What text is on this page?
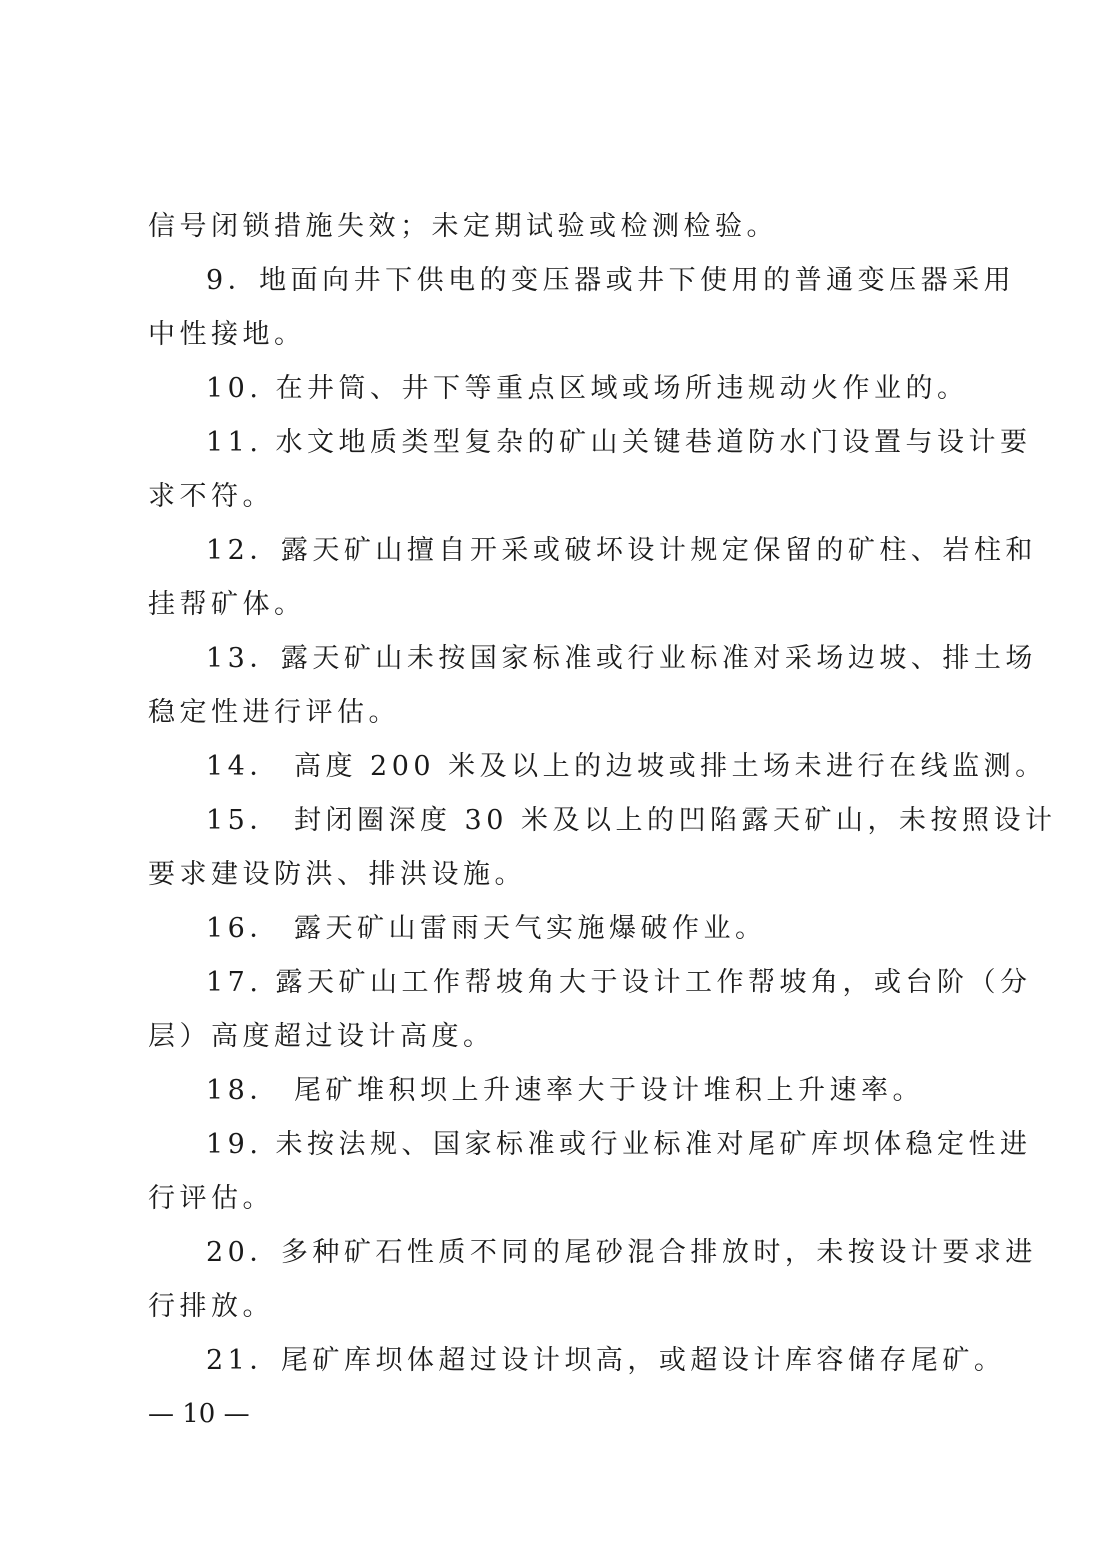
信号闭锁措施失效；未定期试验或检测检验。
9．地面向井下供电的变压器或井下使用的普通变压器采用
中性接地。
10. 在井筒、井下等重点区域或场所违规动火作业的。
11. 水文地质类型复杂的矿山关键巷道防水门设置与设计要
求不符。
12．露天矿山擅自开采或破坏设计规定保留的矿柱、岩柱和
挂帮矿体。
13．露天矿山未按国家标准或行业标准对采场边坡、排土场
稳定性进行评估。
14． 高度 200 米及以上的边坡或排土场未进行在线监测。
15． 封闭圈深度 30 米及以上的凹陷露天矿山，未按照设计
要求建设防洪、排洪设施。
16． 露天矿山雷雨天气实施爆破作业。
17. 露天矿山工作帮坡角大于设计工作帮坡角，或台阶（分
层）高度超过设计高度。
18． 尾矿堆积坝上升速率大于设计堆积上升速率。
19. 未按法规、国家标准或行业标准对尾矿库坝体稳定性进
行评估。
20．多种矿石性质不同的尾砂混合排放时，未按设计要求进
行排放。
21．尾矿库坝体超过设计坝高，或超设计库容储存尾矿。
— 10 —
